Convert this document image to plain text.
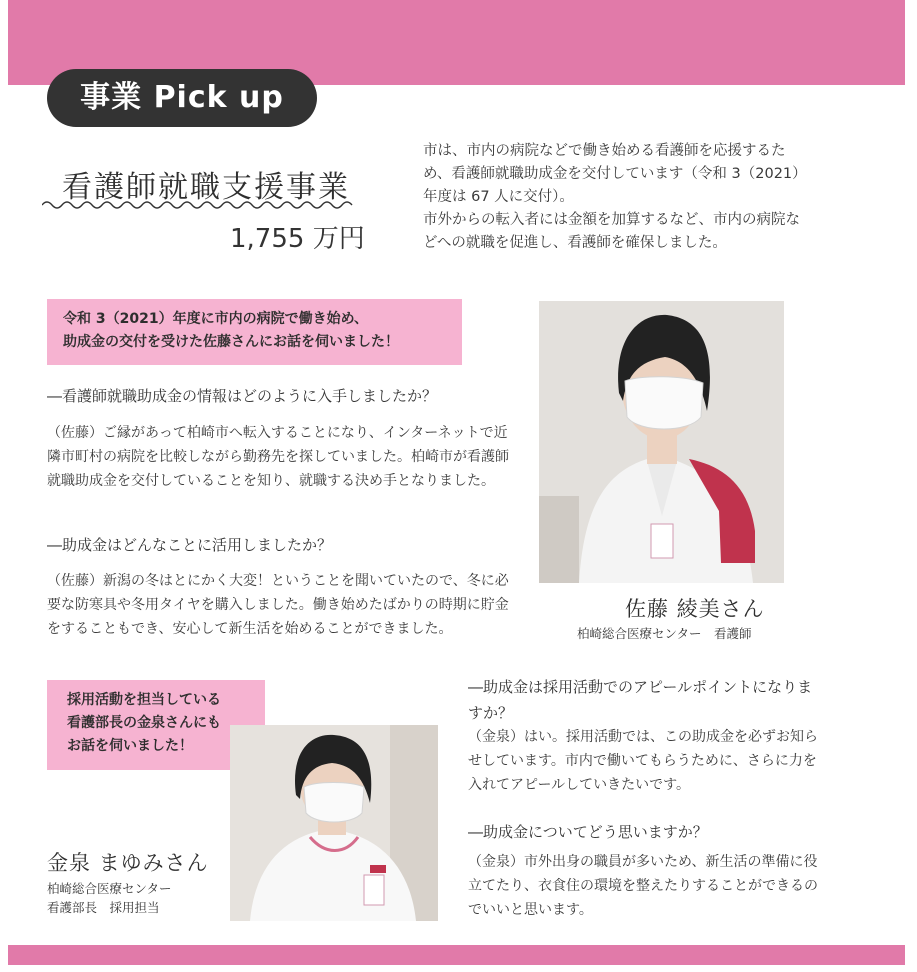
事業 Pick up
看護師就職支援事業
1,755 万円
市は、市内の病院などで働き始める看護師を応援するため、看護師就職助成金を交付しています（令和 3（2021）年度は 67 人に交付）。
市外からの転入者には金額を加算するなど、市内の病院などへの就職を促進し、看護師を確保しました。
令和 3（2021）年度に市内の病院で働き始め、
助成金の交付を受けた佐藤さんにお話を伺いました！
―看護師就職助成金の情報はどのように入手しましたか？
（佐藤）ご縁があって柏崎市へ転入することになり、インターネットで近隣市町村の病院を比較しながら勤務先を探していました。柏崎市が看護師就職助成金を交付していることを知り、就職する決め手となりました。
―助成金はどんなことに活用しましたか？
（佐藤）新潟の冬はとにかく大変！ということを聞いていたので、冬に必要な防寒具や冬用タイヤを購入しました。働き始めたばかりの時期に貯金をすることもでき、安心して新生活を始めることができました。
佐藤 綾美さん
柏崎総合医療センター　看護師
採用活動を担当している
看護部長の金泉さんにも
お話を伺いました！
金泉 まゆみさん
柏崎総合医療センター
看護部長　採用担当
―助成金は採用活動でのアピールポイントになりますか？
（金泉）はい。採用活動では、この助成金を必ずお知らせしています。市内で働いてもらうために、さらに力を入れてアピールしていきたいです。
―助成金についてどう思いますか？
（金泉）市外出身の職員が多いため、新生活の準備に役立てたり、衣食住の環境を整えたりすることができるのでいいと思います。
